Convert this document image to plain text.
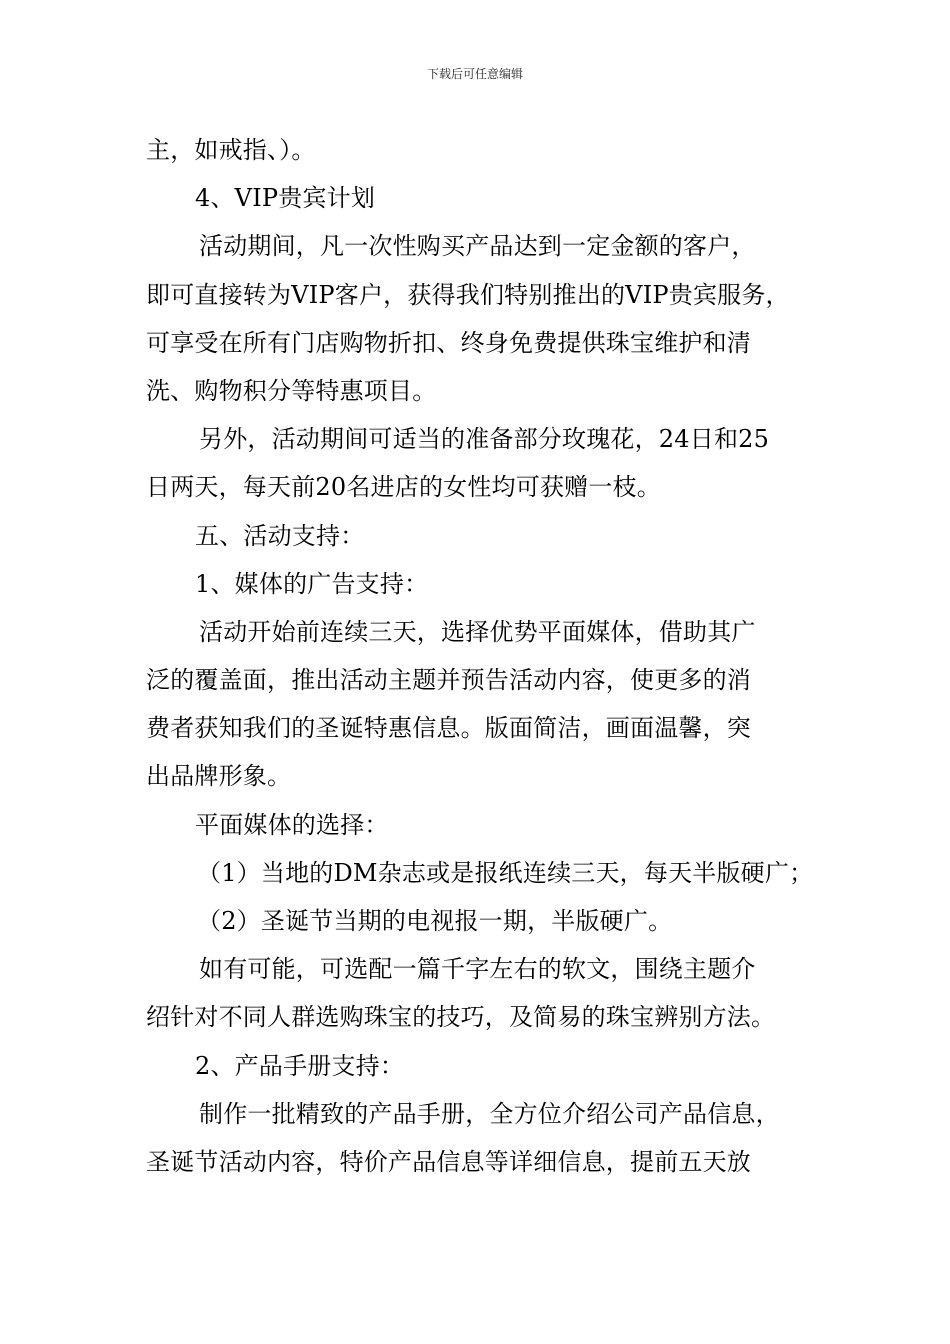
下载后可任意编辑
主，如戒指、）。
4、VIP贵宾计划
活动期间，凡一次性购买产品达到一定金额的客户，
即可直接转为VIP客户，获得我们特别推出的VIP贵宾服务，
可享受在所有门店购物折扣、终身免费提供珠宝维护和清
洗、购物积分等特惠项目。
另外，活动期间可适当的准备部分玫瑰花，24日和25
日两天，每天前20名进店的女性均可获赠一枝。
五、活动支持：
1、媒体的广告支持：
活动开始前连续三天，选择优势平面媒体，借助其广
泛的覆盖面，推出活动主题并预告活动内容，使更多的消
费者获知我们的圣诞特惠信息。版面简洁，画面温馨，突
出品牌形象。
平面媒体的选择：
（1）当地的DM杂志或是报纸连续三天，每天半版硬广；
（2）圣诞节当期的电视报一期，半版硬广。
如有可能，可选配一篇千字左右的软文，围绕主题介
绍针对不同人群选购珠宝的技巧，及简易的珠宝辨别方法。
2、产品手册支持：
制作一批精致的产品手册，全方位介绍公司产品信息，
圣诞节活动内容，特价产品信息等详细信息，提前五天放
